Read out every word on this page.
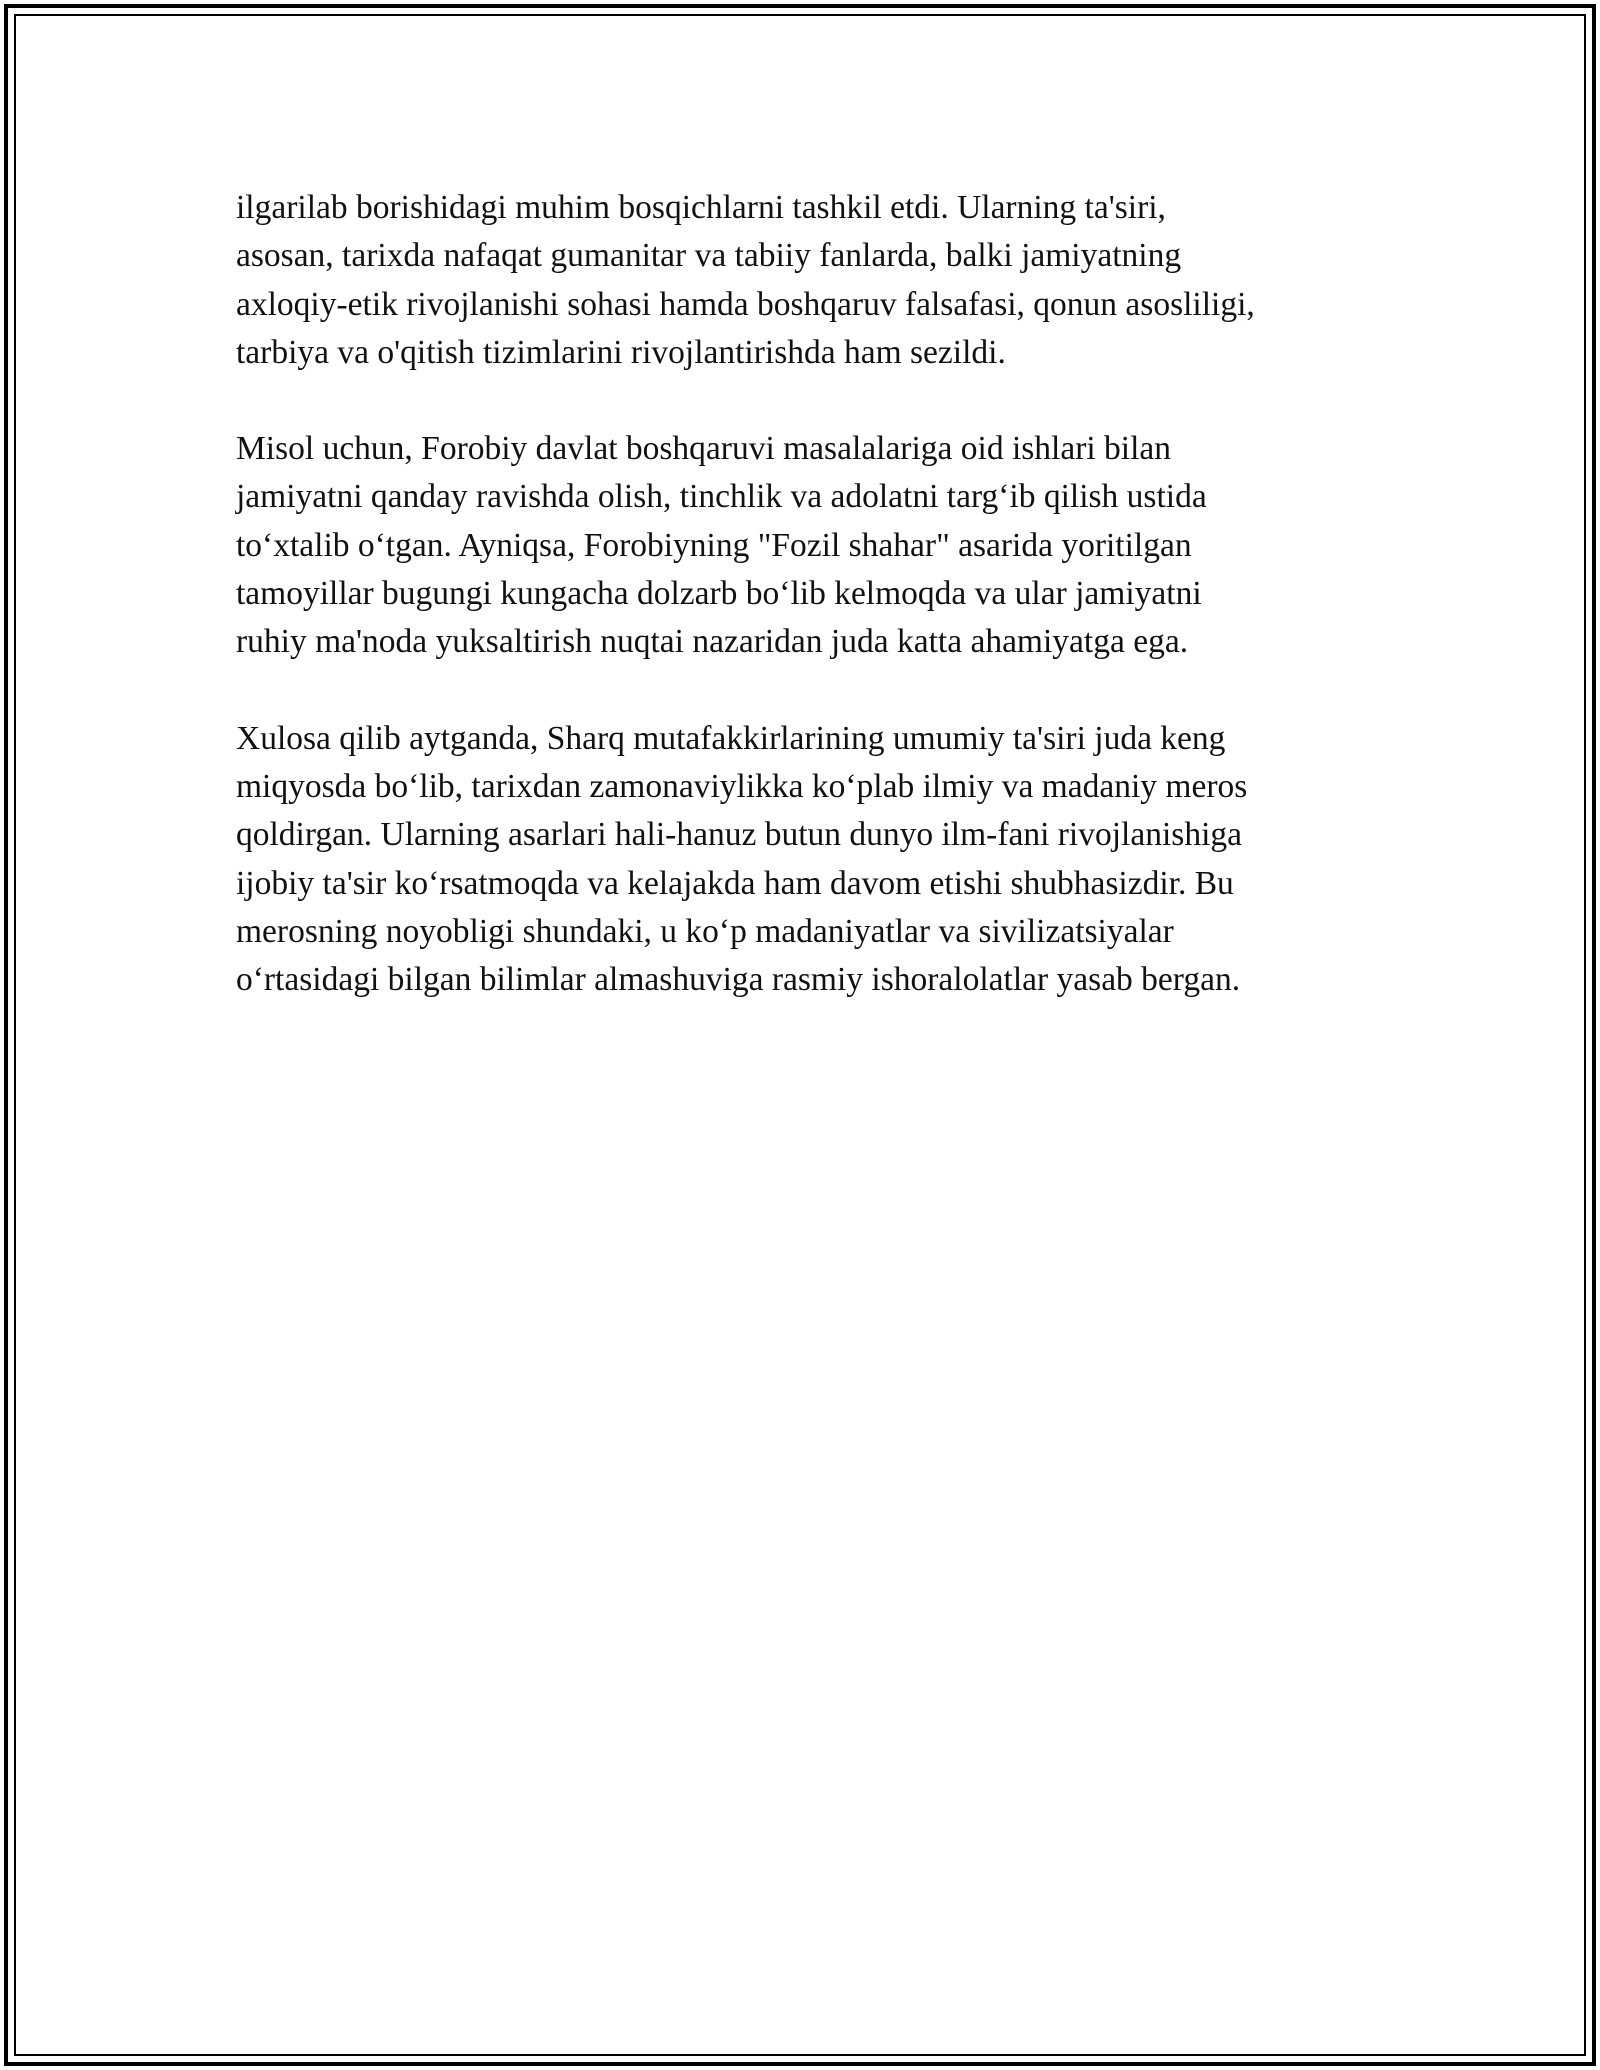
ilgarilab borishidagi muhim bosqichlarni tashkil etdi. Ularning ta'siri,
asosan, tarixda nafaqat gumanitar va tabiiy fanlarda, balki jamiyatning
axloqiy-etik rivojlanishi sohasi hamda boshqaruv falsafasi, qonun asosliligi,
tarbiya va o'qitish tizimlarini rivojlantirishda ham sezildi.

Misol uchun, Forobiy davlat boshqaruvi masalalariga oid ishlari bilan
jamiyatni qanday ravishda olish, tinchlik va adolatni targ‘ib qilish ustida
to‘xtalib o‘tgan. Ayniqsa, Forobiyning "Fozil shahar" asarida yoritilgan
tamoyillar bugungi kungacha dolzarb bo‘lib kelmoqda va ular jamiyatni
ruhiy ma'noda yuksaltirish nuqtai nazaridan juda katta ahamiyatga ega.

Xulosa qilib aytganda, Sharq mutafakkirlarining umumiy ta'siri juda keng
miqyosda bo‘lib, tarixdan zamonaviylikka ko‘plab ilmiy va madaniy meros
qoldirgan. Ularning asarlari hali-hanuz butun dunyo ilm-fani rivojlanishiga
ijobiy ta'sir ko‘rsatmoqda va kelajakda ham davom etishi shubhasizdir. Bu
merosning noyobligi shundaki, u ko‘p madaniyatlar va sivilizatsiyalar
o‘rtasidagi bilgan bilimlar almashuviga rasmiy ishoralolatlar yasab bergan.
